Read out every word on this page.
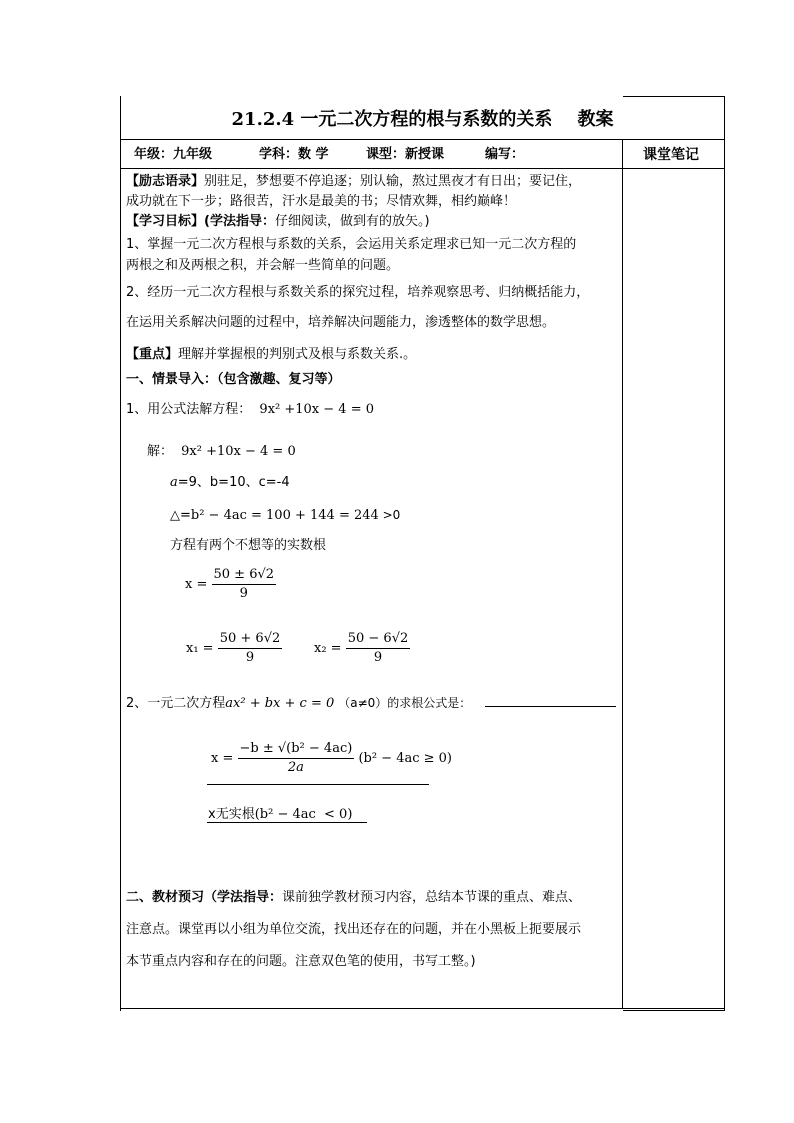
21.2.4 一元二次方程的根与系数的关系    教案
年级：九年级	学科：数 学	课型：新授课	编写：	课堂笔记
【励志语录】别驻足，梦想要不停追逐；别认输，熬过黑夜才有日出；要记住，
成功就在下一步；路很苦，汗水是最美的书；尽情欢舞，相约巅峰！
【学习目标】(学法指导：仔细阅读，做到有的放矢。)
1、掌握一元二次方程根与系数的关系，会运用关系定理求已知一元二次方程的
两根之和及两根之积，并会解一些简单的问题。
2、经历一元二次方程根与系数关系的探究过程，培养观察思考、归纳概括能力，
在运用关系解决问题的过程中，培养解决问题能力，渗透整体的数学思想。
【重点】理解并掌握根的判别式及根与系数关系.。
一、情景导入：（包含激趣、复习等）
1、用公式法解方程： 9x² +10x − 4 = 0
解： 9x² +10x − 4 = 0
a=9、b=10、c=-4
△=b² − 4ac = 100 + 144 = 244 >0
方程有两个不想等的实数根
$x = \frac{50 \pm 6√2}{9}$
$x_1 = \frac{50 + 6√2}{9} x_2 = \frac{50 - 6√2}{9}$
2、一元二次方程ax² + bx + c = 0 （a≠0）的求根公式是：
$x = \frac{\text{−b ± √(b² − 4ac)}}{2a} (b^2 - 4ac \ge 0)$
x无实根(b² − 4ac  < 0)
二、教材预习（学法指导：课前独学教材预习内容，总结本节课的重点、难点、
注意点。课堂再以小组为单位交流，找出还存在的问题，并在小黑板上扼要展示
本节重点内容和存在的问题。注意双色笔的使用，书写工整。)
